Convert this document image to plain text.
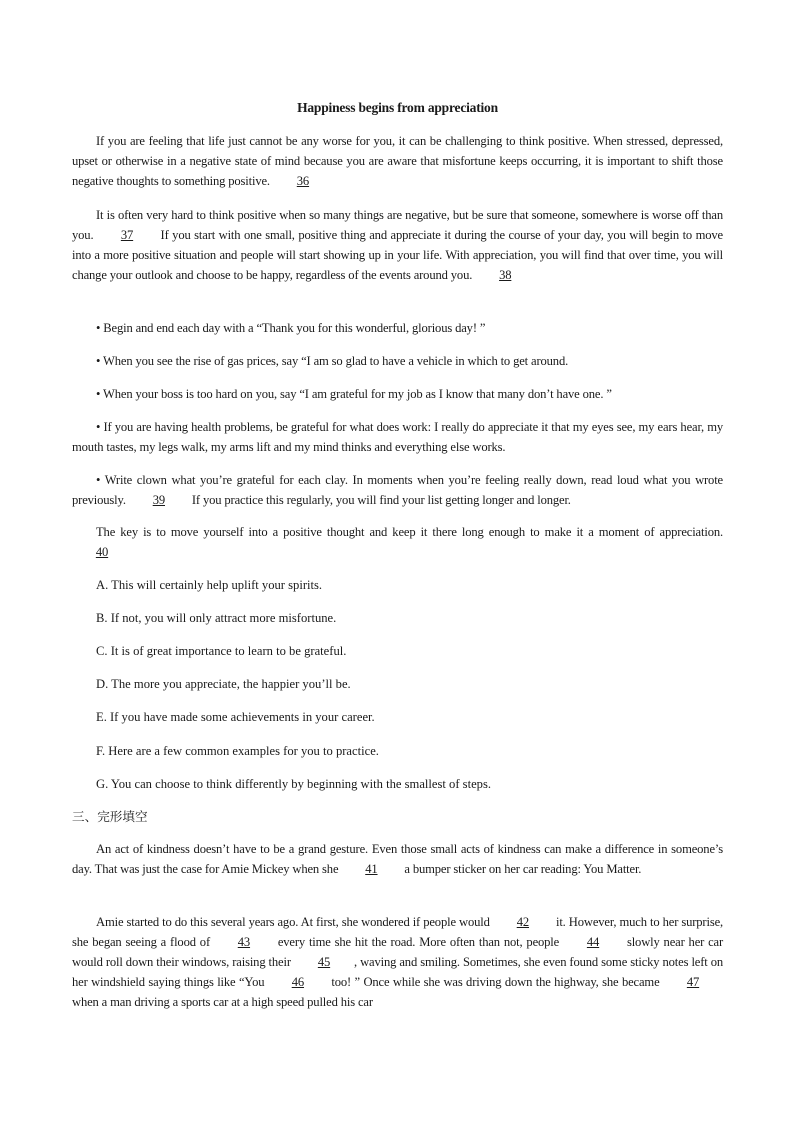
Happiness begins from appreciation

If you are feeling that life just cannot be any worse for you, it can be challenging to think positive. When stressed, depressed, upset or otherwise in a negative state of mind because you are aware that misfortune keeps occurring, it is important to shift those negative thoughts to something positive. 36

It is often very hard to think positive when so many things are negative, but be sure that someone, somewhere is worse off than you. 37 If you start with one small, positive thing and appreciate it during the course of your day, you will begin to move into a more positive situation and people will start showing up in your life. With appreciation, you will find that over time, you will change your outlook and choose to be happy, regardless of the events around you. 38

• Begin and end each day with a “Thank you for this wonderful, glorious day! ”

• When you see the rise of gas prices, say “I am so glad to have a vehicle in which to get around.

• When your boss is too hard on you, say “I am grateful for my job as I know that many don’t have one. ”

• If you are having health problems, be grateful for what does work: I really do appreciate it that my eyes see, my ears hear, my mouth tastes, my legs walk, my arms lift and my mind thinks and everything else works.

• Write clown what you’re grateful for each clay. In moments when you’re feeling really down, read loud what you wrote previously. 39 If you practice this regularly, you will find your list getting longer and longer.

The key is to move yourself into a positive thought and keep it there long enough to make it a moment of appreciation. 40

A. This will certainly help uplift your spirits.

B. If not, you will only attract more misfortune.

C. It is of great importance to learn to be grateful.

D. The more you appreciate, the happier you’ll be.

E. If you have made some achievements in your career.

F. Here are a few common examples for you to practice.

G. You can choose to think differently by beginning with the smallest of steps.

三、完形填空

An act of kindness doesn’t have to be a grand gesture. Even those small acts of kindness can make a difference in someone’s day. That was just the case for Amie Mickey when she 41 a bumper sticker on her car reading: You Matter.

Amie started to do this several years ago. At first, she wondered if people would 42 it. However, much to her surprise, she began seeing a flood of 43 every time she hit the road. More often than not, people 44 slowly near her car would roll down their windows, raising their 45 , waving and smiling. Sometimes, she even found some sticky notes left on her windshield saying things like “You 46 too! ” Once while she was driving down the highway, she became 47 when a man driving a sports car at a high speed pulled his car
